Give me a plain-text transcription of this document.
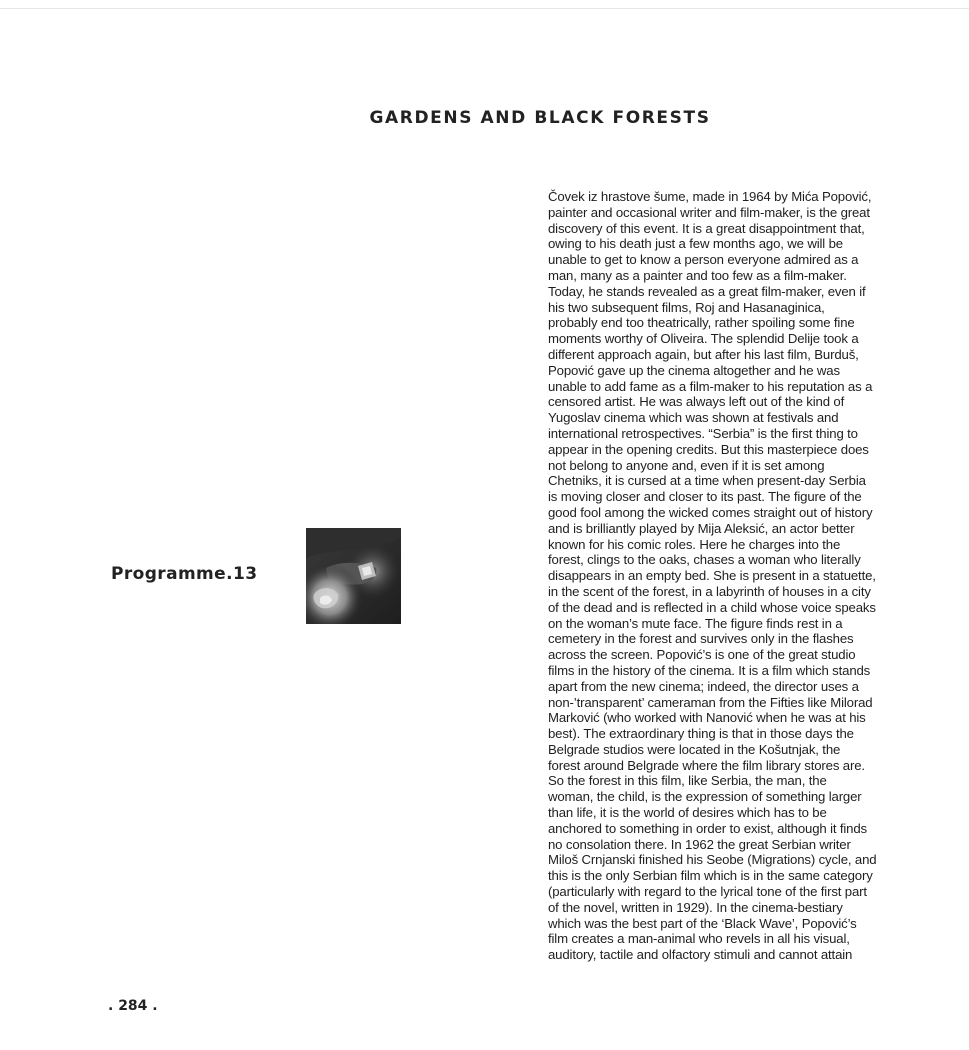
GARDENS AND BLACK FORESTS
Programme.13
Čovek iz hrastove šume, made in 1964 by Mića Popović,
painter and occasional writer and film-maker, is the great
discovery of this event. It is a great disappointment that,
owing to his death just a few months ago, we will be
unable to get to know a person everyone admired as a
man, many as a painter and too few as a film-maker.
Today, he stands revealed as a great film-maker, even if
his two subsequent films, Roj and Hasanaginica,
probably end too theatrically, rather spoiling some fine
moments worthy of Oliveira. The splendid Delije took a
different approach again, but after his last film, Burduš,
Popović gave up the cinema altogether and he was
unable to add fame as a film-maker to his reputation as a
censored artist. He was always left out of the kind of
Yugoslav cinema which was shown at festivals and
international retrospectives. “Serbia” is the first thing to
appear in the opening credits. But this masterpiece does
not belong to anyone and, even if it is set among
Chetniks, it is cursed at a time when present-day Serbia
is moving closer and closer to its past. The figure of the
good fool among the wicked comes straight out of history
and is brilliantly played by Mija Aleksić, an actor better
known for his comic roles. Here he charges into the
forest, clings to the oaks, chases a woman who literally
disappears in an empty bed. She is present in a statuette,
in the scent of the forest, in a labyrinth of houses in a city
of the dead and is reflected in a child whose voice speaks
on the woman’s mute face. The figure finds rest in a
cemetery in the forest and survives only in the flashes
across the screen. Popović’s is one of the great studio
films in the history of the cinema. It is a film which stands
apart from the new cinema; indeed, the director uses a
non-’transparent’ cameraman from the Fifties like Milorad
Marković (who worked with Nanović when he was at his
best). The extraordinary thing is that in those days the
Belgrade studios were located in the Košutnjak, the
forest around Belgrade where the film library stores are.
So the forest in this film, like Serbia, the man, the
woman, the child, is the expression of something larger
than life, it is the world of desires which has to be
anchored to something in order to exist, although it finds
no consolation there. In 1962 the great Serbian writer
Miloš Crnjanski finished his Seobe (Migrations) cycle, and
this is the only Serbian film which is in the same category
(particularly with regard to the lyrical tone of the first part
of the novel, written in 1929). In the cinema-bestiary
which was the best part of the ‘Black Wave’, Popović’s
film creates a man-animal who revels in all his visual,
auditory, tactile and olfactory stimuli and cannot attain
. 284 .
